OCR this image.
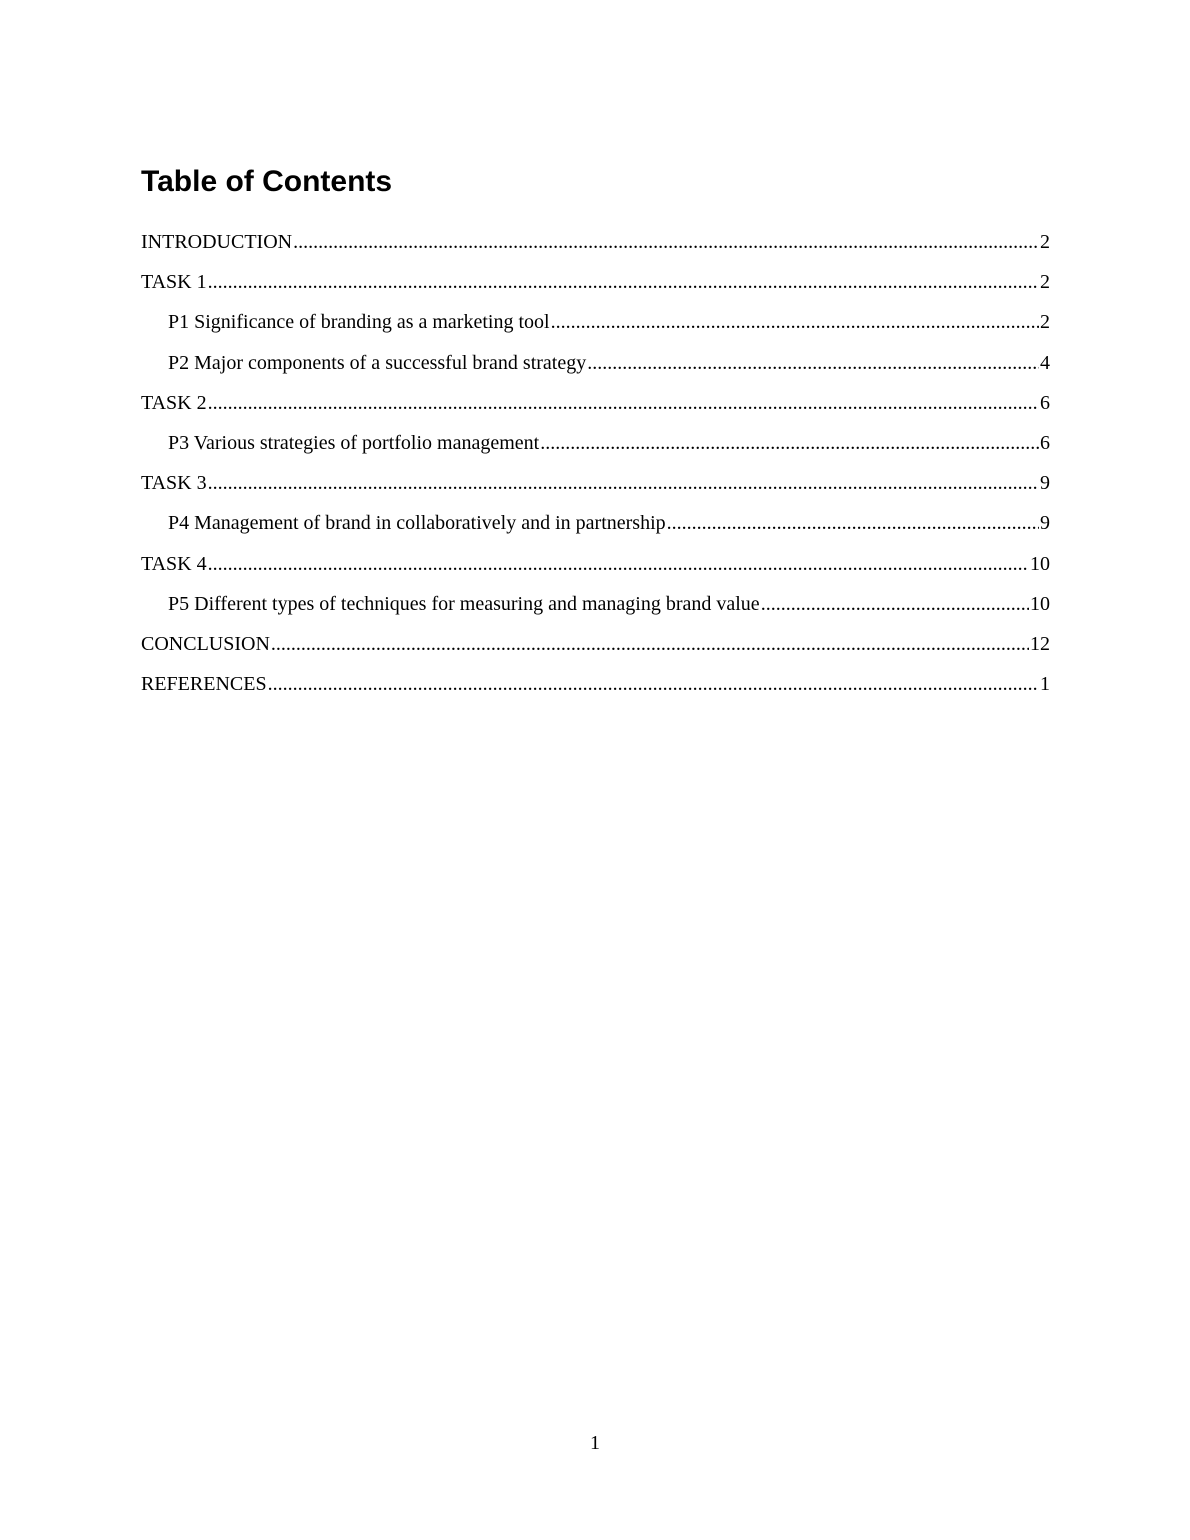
Table of Contents
INTRODUCTION .....	2
TASK 1 .....	2
P1 Significance of branding as a marketing tool .....	2
P2 Major components of a successful brand strategy .....	4
TASK 2 .....	6
P3 Various strategies of portfolio management .....	6
TASK 3 .....	9
P4 Management of brand in collaboratively and in partnership .....	9
TASK 4 .....	10
P5 Different types of techniques for measuring and managing brand value .....	10
CONCLUSION .....	12
REFERENCES .....	1
1
